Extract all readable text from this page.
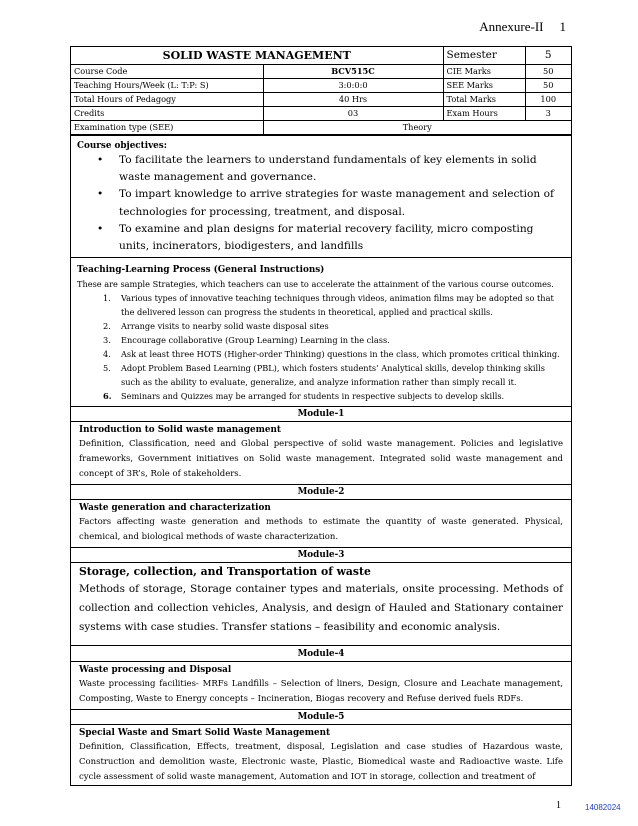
Annexure-II 1
SOLID WASTE MANAGEMENT		Semester	5
Course Code	BCV515C	CIE Marks	50
Teaching Hours/Week (L: T:P: S)	3:0:0:0	SEE Marks	50
Total Hours of Pedagogy	40 Hrs	Total Marks	100
Credits	03	Exam Hours	3
Examination type (SEE)	Theory		
Course objectives:
• To facilitate the learners to understand fundamentals of key elements in solid waste management and governance.
• To impart knowledge to arrive strategies for waste management and selection of technologies for processing, treatment, and disposal.
• To examine and plan designs for material recovery facility, micro composting units, incinerators, biodigesters, and landfills
Teaching-Learning Process (General Instructions)
These are sample Strategies, which teachers can use to accelerate the attainment of the various course outcomes.
1. Various types of innovative teaching techniques through videos, animation films may be adopted so that the delivered lesson can progress the students in theoretical, applied and practical skills.
2. Arrange visits to nearby solid waste disposal sites
3. Encourage collaborative (Group Learning) Learning in the class.
4. Ask at least three HOTS (Higher-order Thinking) questions in the class, which promotes critical thinking.
5. Adopt Problem Based Learning (PBL), which fosters students’ Analytical skills, develop thinking skills such as the ability to evaluate, generalize, and analyze information rather than simply recall it.
6. Seminars and Quizzes may be arranged for students in respective subjects to develop skills.
Module-1
Introduction to Solid waste management
Definition, Classification, need and Global perspective of solid waste management. Policies and legislative frameworks, Government initiatives on Solid waste management. Integrated solid waste management and concept of 3R’s, Role of stakeholders.
Module-2
Waste generation and characterization
Factors affecting waste generation and methods to estimate the quantity of waste generated. Physical, chemical, and biological methods of waste characterization.
Module-3
Storage, collection, and Transportation of waste
Methods of storage, Storage container types and materials, onsite processing. Methods of collection and collection vehicles, Analysis, and design of Hauled and Stationary container systems with case studies. Transfer stations – feasibility and economic analysis.
Module-4
Waste processing and Disposal
Waste processing facilities- MRFs Landfills – Selection of liners, Design, Closure and Leachate management, Composting, Waste to Energy concepts – Incineration, Biogas recovery and Refuse derived fuels RDFs.
Module-5
Special Waste and Smart Solid Waste Management
Definition, Classification, Effects, treatment, disposal, Legislation and case studies of Hazardous waste, Construction and demolition waste, Electronic waste, Plastic, Biomedical waste and Radioactive waste. Life cycle assessment of solid waste management, Automation and IOT in storage, collection and treatment of
1	14082024
